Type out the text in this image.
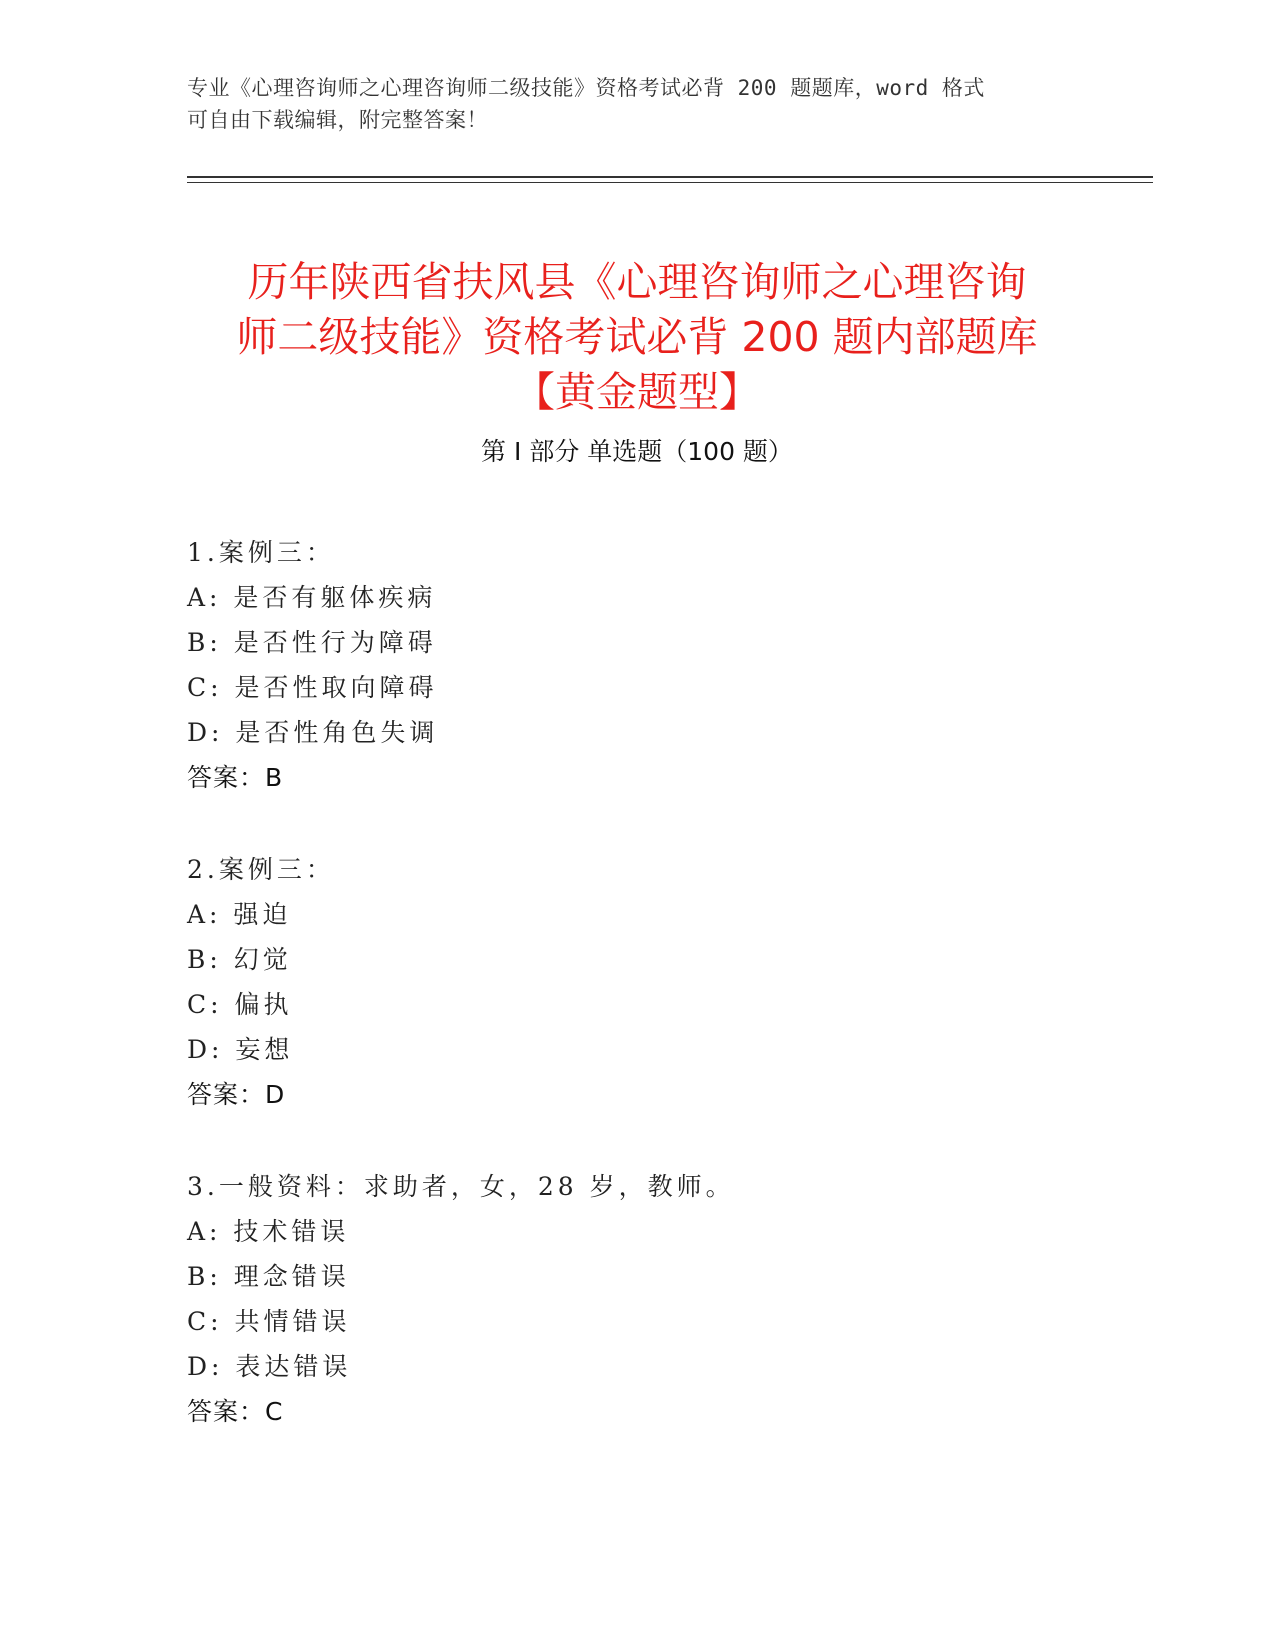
专业《心理咨询师之心理咨询师二级技能》资格考试必背 200 题题库，word 格式
可自由下载编辑，附完整答案！
历年陕西省扶风县《心理咨询师之心理咨询
师二级技能》资格考试必背 200 题内部题库
【黄金题型】
第 I 部分 单选题（100 题）
1.案例三：
A: 是否有躯体疾病
B: 是否性行为障碍
C: 是否性取向障碍
D: 是否性角色失调
答案：B
2.案例三：
A: 强迫
B: 幻觉
C: 偏执
D: 妄想
答案：D
3.一般资料：求助者，女，28 岁，教师。
A: 技术错误
B: 理念错误
C: 共情错误
D: 表达错误
答案：C
